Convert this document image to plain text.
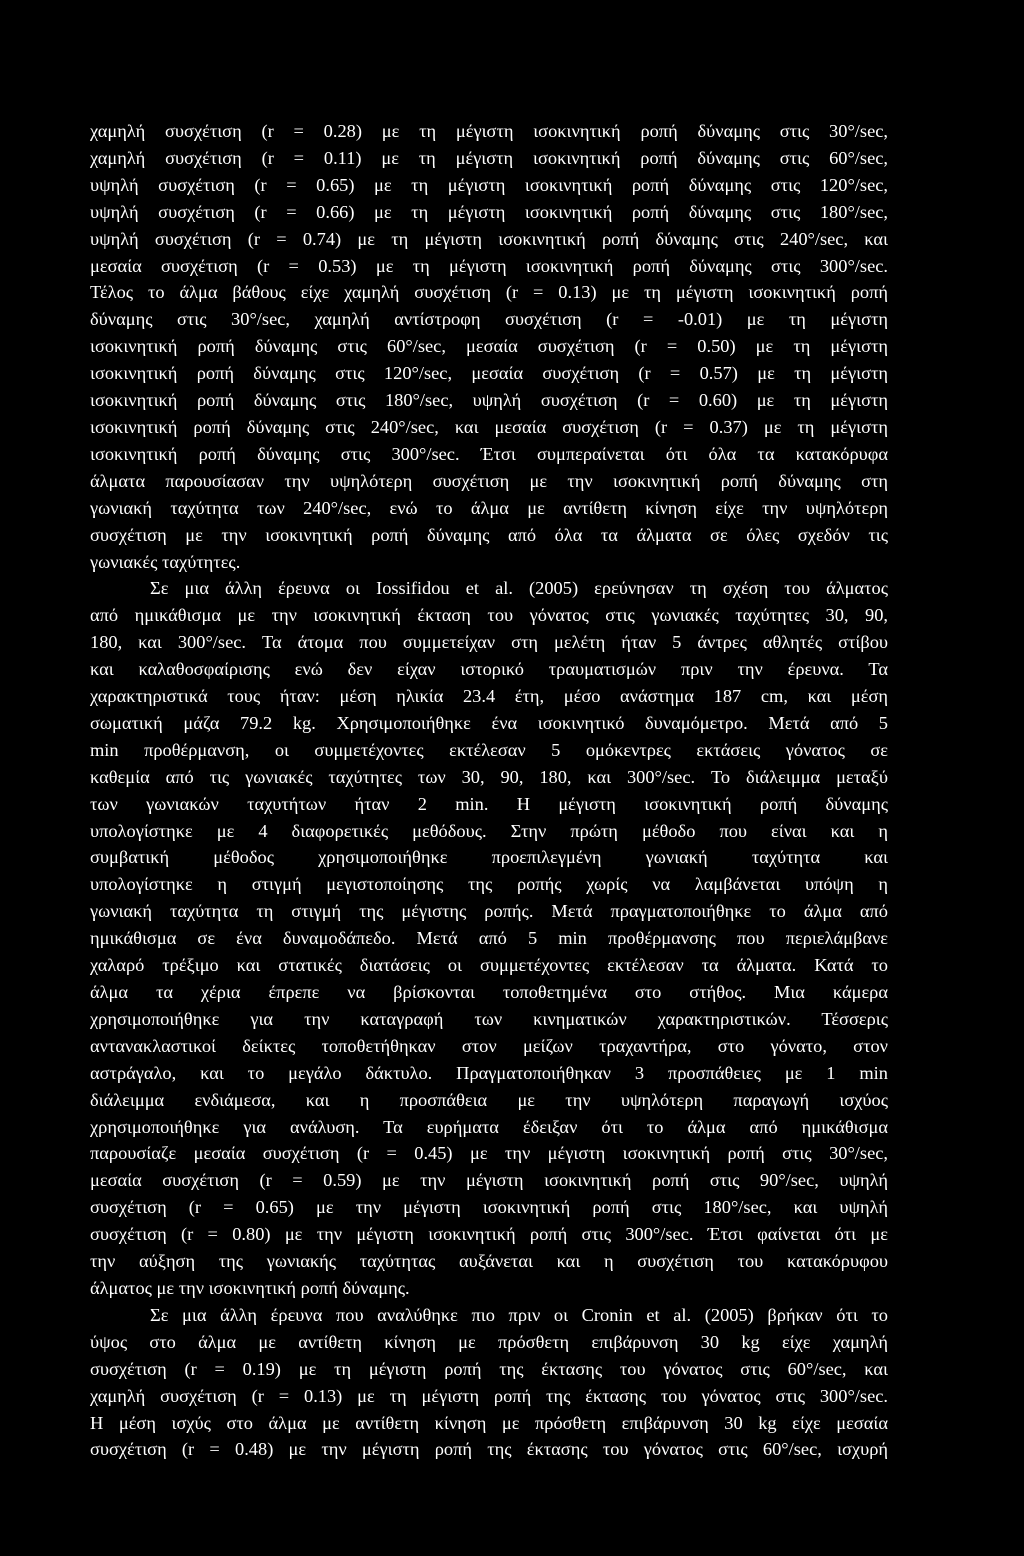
χαμηλή συσχέτιση (r = 0.28) με τη μέγιστη ισοκινητική ροπή δύναμης στις 30°/sec,
χαμηλή συσχέτιση (r = 0.11) με τη μέγιστη ισοκινητική ροπή δύναμης στις 60°/sec,
υψηλή συσχέτιση (r = 0.65) με τη μέγιστη ισοκινητική ροπή δύναμης στις 120°/sec,
υψηλή συσχέτιση (r = 0.66) με τη μέγιστη ισοκινητική ροπή δύναμης στις 180°/sec,
υψηλή συσχέτιση (r = 0.74) με τη μέγιστη ισοκινητική ροπή δύναμης στις 240°/sec, και
μεσαία συσχέτιση (r = 0.53) με τη μέγιστη ισοκινητική ροπή δύναμης στις 300°/sec.
Τέλος το άλμα βάθους είχε χαμηλή συσχέτιση (r = 0.13) με τη μέγιστη ισοκινητική ροπή
δύναμης στις 30°/sec, χαμηλή αντίστροφη συσχέτιση (r = -0.01) με τη μέγιστη
ισοκινητική ροπή δύναμης στις 60°/sec, μεσαία συσχέτιση (r = 0.50) με τη μέγιστη
ισοκινητική ροπή δύναμης στις 120°/sec, μεσαία συσχέτιση (r = 0.57) με τη μέγιστη
ισοκινητική ροπή δύναμης στις 180°/sec, υψηλή συσχέτιση (r = 0.60) με τη μέγιστη
ισοκινητική ροπή δύναμης στις 240°/sec, και μεσαία συσχέτιση (r = 0.37) με τη μέγιστη
ισοκινητική ροπή δύναμης στις 300°/sec. Έτσι συμπεραίνεται ότι όλα τα κατακόρυφα
άλματα παρουσίασαν την υψηλότερη συσχέτιση με την ισοκινητική ροπή δύναμης στη
γωνιακή ταχύτητα των 240°/sec, ενώ το άλμα με αντίθετη κίνηση είχε την υψηλότερη
συσχέτιση με την ισοκινητική ροπή δύναμης από όλα τα άλματα σε όλες σχεδόν τις
γωνιακές ταχύτητες.
Σε μια άλλη έρευνα οι Iossifidou et al. (2005) ερεύνησαν τη σχέση του άλματος
από ημικάθισμα με την ισοκινητική έκταση του γόνατος στις γωνιακές ταχύτητες 30, 90,
180, και 300°/sec. Τα άτομα που συμμετείχαν στη μελέτη ήταν 5 άντρες αθλητές στίβου
και καλαθοσφαίρισης ενώ δεν είχαν ιστορικό τραυματισμών πριν την έρευνα. Τα
χαρακτηριστικά τους ήταν: μέση ηλικία 23.4 έτη, μέσο ανάστημα 187 cm, και μέση
σωματική μάζα 79.2 kg. Χρησιμοποιήθηκε ένα ισοκινητικό δυναμόμετρο. Μετά από 5
min προθέρμανση, οι συμμετέχοντες εκτέλεσαν 5 ομόκεντρες εκτάσεις γόνατος σε
καθεμία από τις γωνιακές ταχύτητες των 30, 90, 180, και 300°/sec. Το διάλειμμα μεταξύ
των γωνιακών ταχυτήτων ήταν 2 min. Η μέγιστη ισοκινητική ροπή δύναμης
υπολογίστηκε με 4 διαφορετικές μεθόδους. Στην πρώτη μέθοδο που είναι και η
συμβατική μέθοδος χρησιμοποιήθηκε προεπιλεγμένη γωνιακή ταχύτητα και
υπολογίστηκε η στιγμή μεγιστοποίησης της ροπής χωρίς να λαμβάνεται υπόψη η
γωνιακή ταχύτητα τη στιγμή της μέγιστης ροπής. Μετά πραγματοποιήθηκε το άλμα από
ημικάθισμα σε ένα δυναμοδάπεδο. Μετά από 5 min προθέρμανσης που περιελάμβανε
χαλαρό τρέξιμο και στατικές διατάσεις οι συμμετέχοντες εκτέλεσαν τα άλματα. Κατά το
άλμα τα χέρια έπρεπε να βρίσκονται τοποθετημένα στο στήθος. Μια κάμερα
χρησιμοποιήθηκε για την καταγραφή των κινηματικών χαρακτηριστικών. Τέσσερις
αντανακλαστικοί δείκτες τοποθετήθηκαν στον μείζων τραχαντήρα, στο γόνατο, στον
αστράγαλο, και το μεγάλο δάκτυλο. Πραγματοποιήθηκαν 3 προσπάθειες με 1 min
διάλειμμα ενδιάμεσα, και η προσπάθεια με την υψηλότερη παραγωγή ισχύος
χρησιμοποιήθηκε για ανάλυση. Τα ευρήματα έδειξαν ότι το άλμα από ημικάθισμα
παρουσίαζε μεσαία συσχέτιση (r = 0.45) με την μέγιστη ισοκινητική ροπή στις 30°/sec,
μεσαία συσχέτιση (r = 0.59) με την μέγιστη ισοκινητική ροπή στις 90°/sec, υψηλή
συσχέτιση (r = 0.65) με την μέγιστη ισοκινητική ροπή στις 180°/sec, και υψηλή
συσχέτιση (r = 0.80) με την μέγιστη ισοκινητική ροπή στις 300°/sec. Έτσι φαίνεται ότι με
την αύξηση της γωνιακής ταχύτητας αυξάνεται και η συσχέτιση του κατακόρυφου
άλματος με την ισοκινητική ροπή δύναμης.
Σε μια άλλη έρευνα που αναλύθηκε πιο πριν οι Cronin et al. (2005) βρήκαν ότι το
ύψος στο άλμα με αντίθετη κίνηση με πρόσθετη επιβάρυνση 30 kg είχε χαμηλή
συσχέτιση (r = 0.19) με τη μέγιστη ροπή της έκτασης του γόνατος στις 60°/sec, και
χαμηλή συσχέτιση (r = 0.13) με τη μέγιστη ροπή της έκτασης του γόνατος στις 300°/sec.
Η μέση ισχύς στο άλμα με αντίθετη κίνηση με πρόσθετη επιβάρυνση 30 kg είχε μεσαία
συσχέτιση (r = 0.48) με την μέγιστη ροπή της έκτασης του γόνατος στις 60°/sec, ισχυρή
